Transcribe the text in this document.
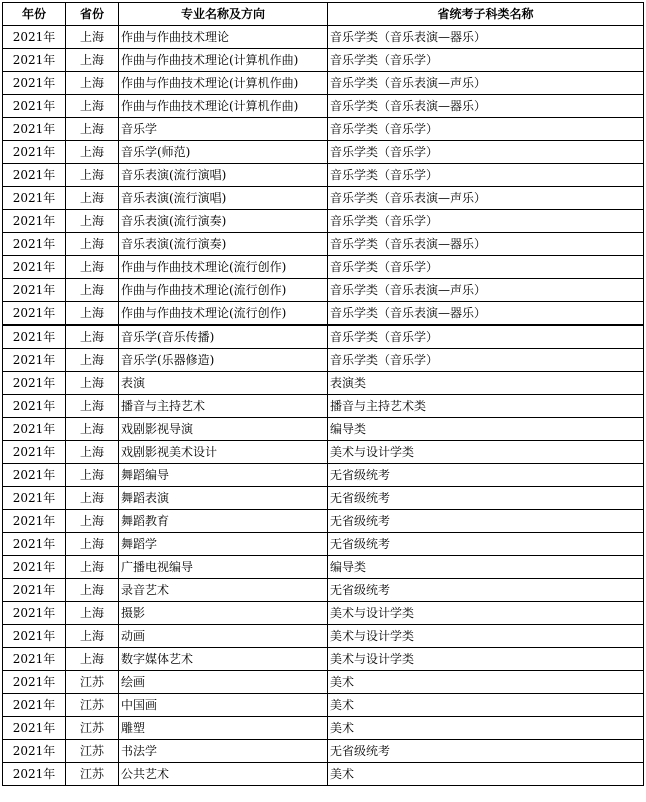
年份	省份	专业名称及方向	省统考子科类名称
2021年	上海	作曲与作曲技术理论	音乐学类（音乐表演—器乐）
2021年	上海	作曲与作曲技术理论(计算机作曲)	音乐学类（音乐学）
2021年	上海	作曲与作曲技术理论(计算机作曲)	音乐学类（音乐表演—声乐）
2021年	上海	作曲与作曲技术理论(计算机作曲)	音乐学类（音乐表演—器乐）
2021年	上海	音乐学	音乐学类（音乐学）
2021年	上海	音乐学(师范)	音乐学类（音乐学）
2021年	上海	音乐表演(流行演唱)	音乐学类（音乐学）
2021年	上海	音乐表演(流行演唱)	音乐学类（音乐表演—声乐）
2021年	上海	音乐表演(流行演奏)	音乐学类（音乐学）
2021年	上海	音乐表演(流行演奏)	音乐学类（音乐表演—器乐）
2021年	上海	作曲与作曲技术理论(流行创作)	音乐学类（音乐学）
2021年	上海	作曲与作曲技术理论(流行创作)	音乐学类（音乐表演—声乐）
2021年	上海	作曲与作曲技术理论(流行创作)	音乐学类（音乐表演—器乐）
2021年	上海	音乐学(音乐传播)	音乐学类（音乐学）
2021年	上海	音乐学(乐器修造)	音乐学类（音乐学）
2021年	上海	表演	表演类
2021年	上海	播音与主持艺术	播音与主持艺术类
2021年	上海	戏剧影视导演	编导类
2021年	上海	戏剧影视美术设计	美术与设计学类
2021年	上海	舞蹈编导	无省级统考
2021年	上海	舞蹈表演	无省级统考
2021年	上海	舞蹈教育	无省级统考
2021年	上海	舞蹈学	无省级统考
2021年	上海	广播电视编导	编导类
2021年	上海	录音艺术	无省级统考
2021年	上海	摄影	美术与设计学类
2021年	上海	动画	美术与设计学类
2021年	上海	数字媒体艺术	美术与设计学类
2021年	江苏	绘画	美术
2021年	江苏	中国画	美术
2021年	江苏	雕塑	美术
2021年	江苏	书法学	无省级统考
2021年	江苏	公共艺术	美术
